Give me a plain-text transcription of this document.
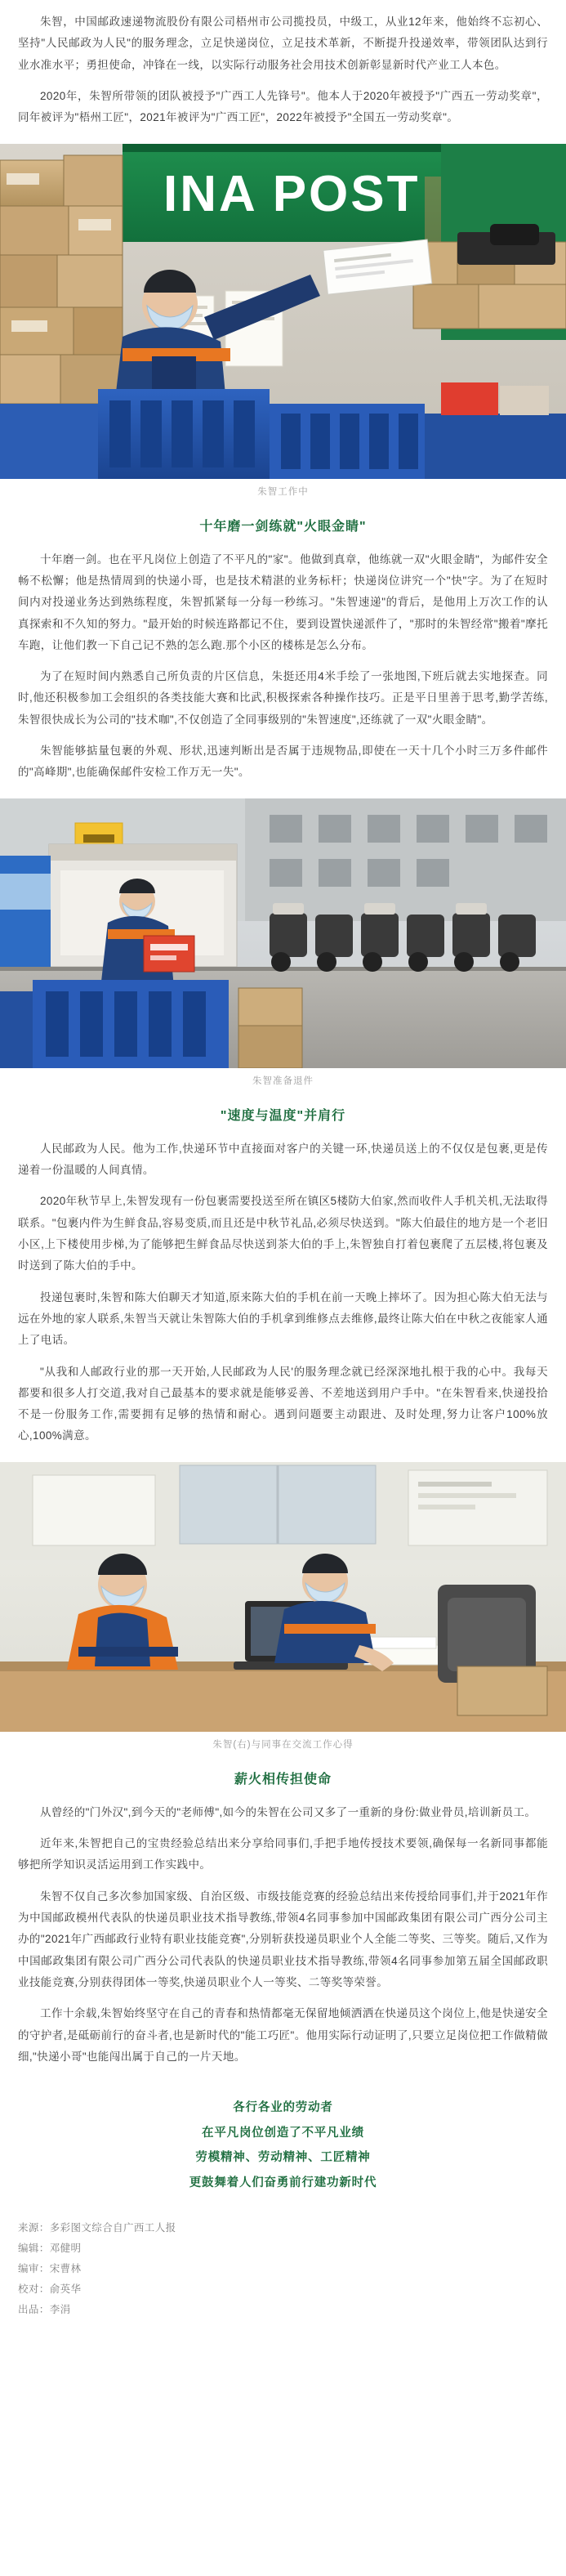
朱智，中国邮政速递物流股份有限公司梧州市公司揽投员，中级工，从业12年来，他始终不忘初心、坚持"人民邮政为人民"的服务理念，立足快递岗位，立足技术革新，不断提升投递效率，带领团队达到行业水准水平；勇担使命，冲锋在一线，以实际行动服务社会用技术创新彰显新时代产业工人本色。

2020年，朱智所带领的团队被授予"广西工人先锋号"。他本人于2020年被授予"广西五一劳动奖章"，同年被评为"梧州工匠"，2021年被评为"广西工匠"，2022年被授予"全国五一劳动奖章"。

INA POST
朱智工作中
十年磨一剑练就"火眼金睛"

十年磨一剑。也在平凡岗位上创造了不平凡的"家"。他做到真章，他练就一双"火眼金睛"，为邮件安全畅不松懈；他是热情周到的快递小哥，也是技术精湛的业务标杆；快递岗位讲究一个"快"字。为了在短时间内对投递业务达到熟练程度，朱智抓紧每一分每一秒练习。"朱智速递"的背后，是他用上万次工作的认真探索和不久知的努力。"最开始的时候连路都记不住，要到设置快递派件了，"那时的朱智经常"搬着"摩托车跑，让他们教一下自己记不熟的怎么跑.那个小区的楼栋是怎么分布。

为了在短时间内熟悉自己所负责的片区信息，朱挺还用4米手绘了一张地图,下班后就去实地探查。同时,他还积极参加工会组织的各类技能大赛和比武,积极探索各种操作技巧。正是平日里善于思考,勤学苦练,朱智很快成长为公司的"技术咖",不仅创造了全同事级别的"朱智速度",还练就了一双"火眼金睛"。

朱智能够掂量包裹的外观、形状,迅速判断出是否属于违规物品,即使在一天十几个小时三万多件邮件的"高峰期",也能确保邮件安检工作万无一失"。

朱智准备退件
"速度与温度"并肩行

人民邮政为人民。他为工作,快递环节中直接面对客户的关键一环,快递员送上的不仅仅是包裹,更是传递着一份温暖的人间真情。

2020年秋节早上,朱智发现有一份包裹需要投送至所在镇区5楼防大伯家,然而收件人手机关机,无法取得联系。"包裹内件为生鲜食品,容易变质,而且还是中秋节礼品,必须尽快送到。"陈大伯最住的地方是一个老旧小区,上下楼使用步梯,为了能够把生鲜食品尽快送到茶大伯的手上,朱智独自打着包裹爬了五层楼,将包裹及时送到了陈大伯的手中。

投递包裹时,朱智和陈大伯聊天才知道,原来陈大伯的手机在前一天晚上摔坏了。因为担心陈大伯无法与远在外地的家人联系,朱智当天就让朱智陈大伯的手机拿到维修点去维修,最终让陈大伯在中秋之夜能家人通上了电话。

"从我和人邮政行业的那一天开始,人民邮政为人民'的服务理念就已经深深地扎根于我的心中。我每天都要和很多人打交道,我对自己最基本的要求就是能够妥善、不差地送到用户手中。"在朱智看来,快递投拾不是一份服务工作,需要拥有足够的热情和耐心。遇到问题要主动跟进、及时处理,努力让客户100%放心,100%满意。

朱智(右)与同事在交流工作心得
薪火相传担使命

从曾经的"门外汉",到今天的"老师傅",如今的朱智在公司又多了一重新的身份:做业骨员,培训新员工。

近年来,朱智把自己的宝贵经验总结出来分享给同事们,手把手地传授技术要领,确保每一名新同事都能够把所学知识灵活运用到工作实践中。

朱智不仅自己多次参加国家级、自治区级、市级技能竞赛的经验总结出来传授给同事们,并于2021年作为中国邮政模州代表队的快递员职业技术指导教练,带领4名同事参加中国邮政集团有限公司广西分公司主办的"2021年广西邮政行业特有职业技能竞赛",分别斩获投递员职业个人全能二等奖、三等奖。随后,又作为中国邮政集团有限公司广西分公司代表队的快递员职业技术指导教练,带领4名同事参加第五届全国邮政职业技能竞赛,分别获得团体一等奖,快递员职业个人一等奖、二等奖等荣誉。

工作十余载,朱智始终坚守在自己的青春和热情都毫无保留地倾洒洒在快递员这个岗位上,他是快递安全的守护者,是砥砺前行的奋斗者,也是新时代的"能工巧匠"。他用实际行动证明了,只要立足岗位把工作做精做细,"快递小哥"也能闯出属于自己的一片天地。

各行各业的劳动者
在平凡岗位创造了不平凡业绩
劳模精神、劳动精神、工匠精神
更鼓舞着人们奋勇前行建功新时代
来源：多彩图文综合自广西工人报
编辑：邓健明
编审：宋曹林
校对：俞英华
出品：李涓
